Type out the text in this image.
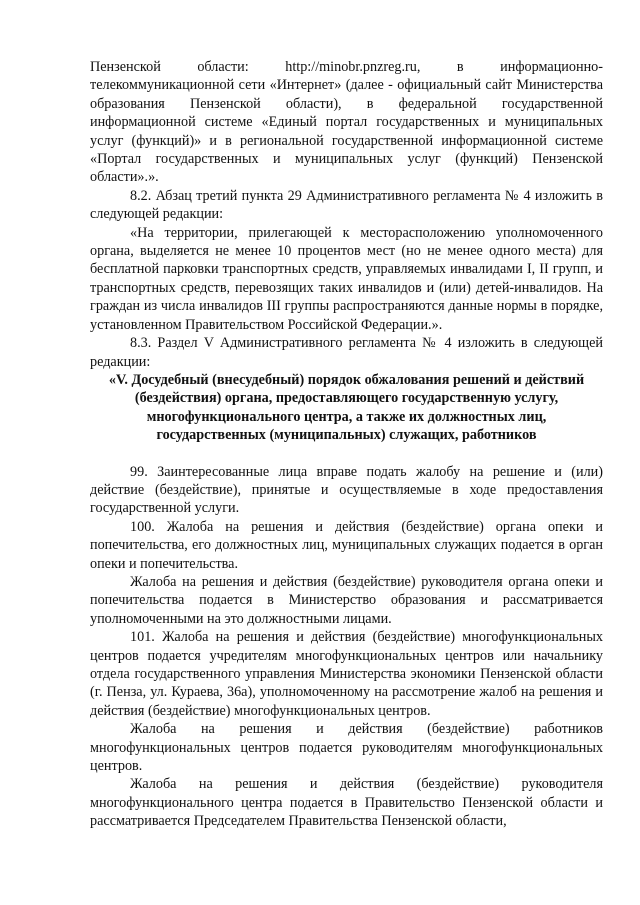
Пензенской области: http://minobr.pnzreg.ru, в информационно-телекоммуникационной сети «Интернет» (далее - официальный сайт Министерства образования Пензенской области), в федеральной государственной информационной системе «Единый портал государственных и муниципальных услуг (функций)» и в региональной государственной информационной системе «Портал государственных и муниципальных услуг (функций) Пензенской области».».

8.2. Абзац третий пункта 29 Административного регламента № 4 изложить в следующей редакции:

«На территории, прилегающей к месторасположению уполномоченного органа, выделяется не менее 10 процентов мест (но не менее одного места) для бесплатной парковки транспортных средств, управляемых инвалидами I, II групп, и транспортных средств, перевозящих таких инвалидов и (или) детей-инвалидов. На граждан из числа инвалидов III группы распространяются данные нормы в порядке, установленном Правительством Российской Федерации.».

8.3. Раздел V Административного регламента № 4 изложить в следующей редакции:

«V. Досудебный (внесудебный) порядок обжалования решений и действий (бездействия) органа, предоставляющего государственную услугу, многофункционального центра, а также их должностных лиц, государственных (муниципальных) служащих, работников

99. Заинтересованные лица вправе подать жалобу на решение и (или) действие (бездействие), принятые и осуществляемые в ходе предоставления государственной услуги.

100. Жалоба на решения и действия (бездействие) органа опеки и попечительства, его должностных лиц, муниципальных служащих подается в орган опеки и попечительства.

Жалоба на решения и действия (бездействие) руководителя органа опеки и попечительства подается в Министерство образования и рассматривается уполномоченными на это должностными лицами.

101. Жалоба на решения и действия (бездействие) многофункциональных центров подается учредителям многофункциональных центров или начальнику отдела государственного управления Министерства экономики Пензенской области (г. Пенза, ул. Кураева, 36а), уполномоченному на рассмотрение жалоб на решения и действия (бездействие) многофункциональных центров.

Жалоба на решения и действия (бездействие) работников многофункциональных центров подается руководителям многофункциональных центров.

Жалоба на решения и действия (бездействие) руководителя многофункционального центра подается в Правительство Пензенской области и рассматривается Председателем Правительства Пензенской области,
